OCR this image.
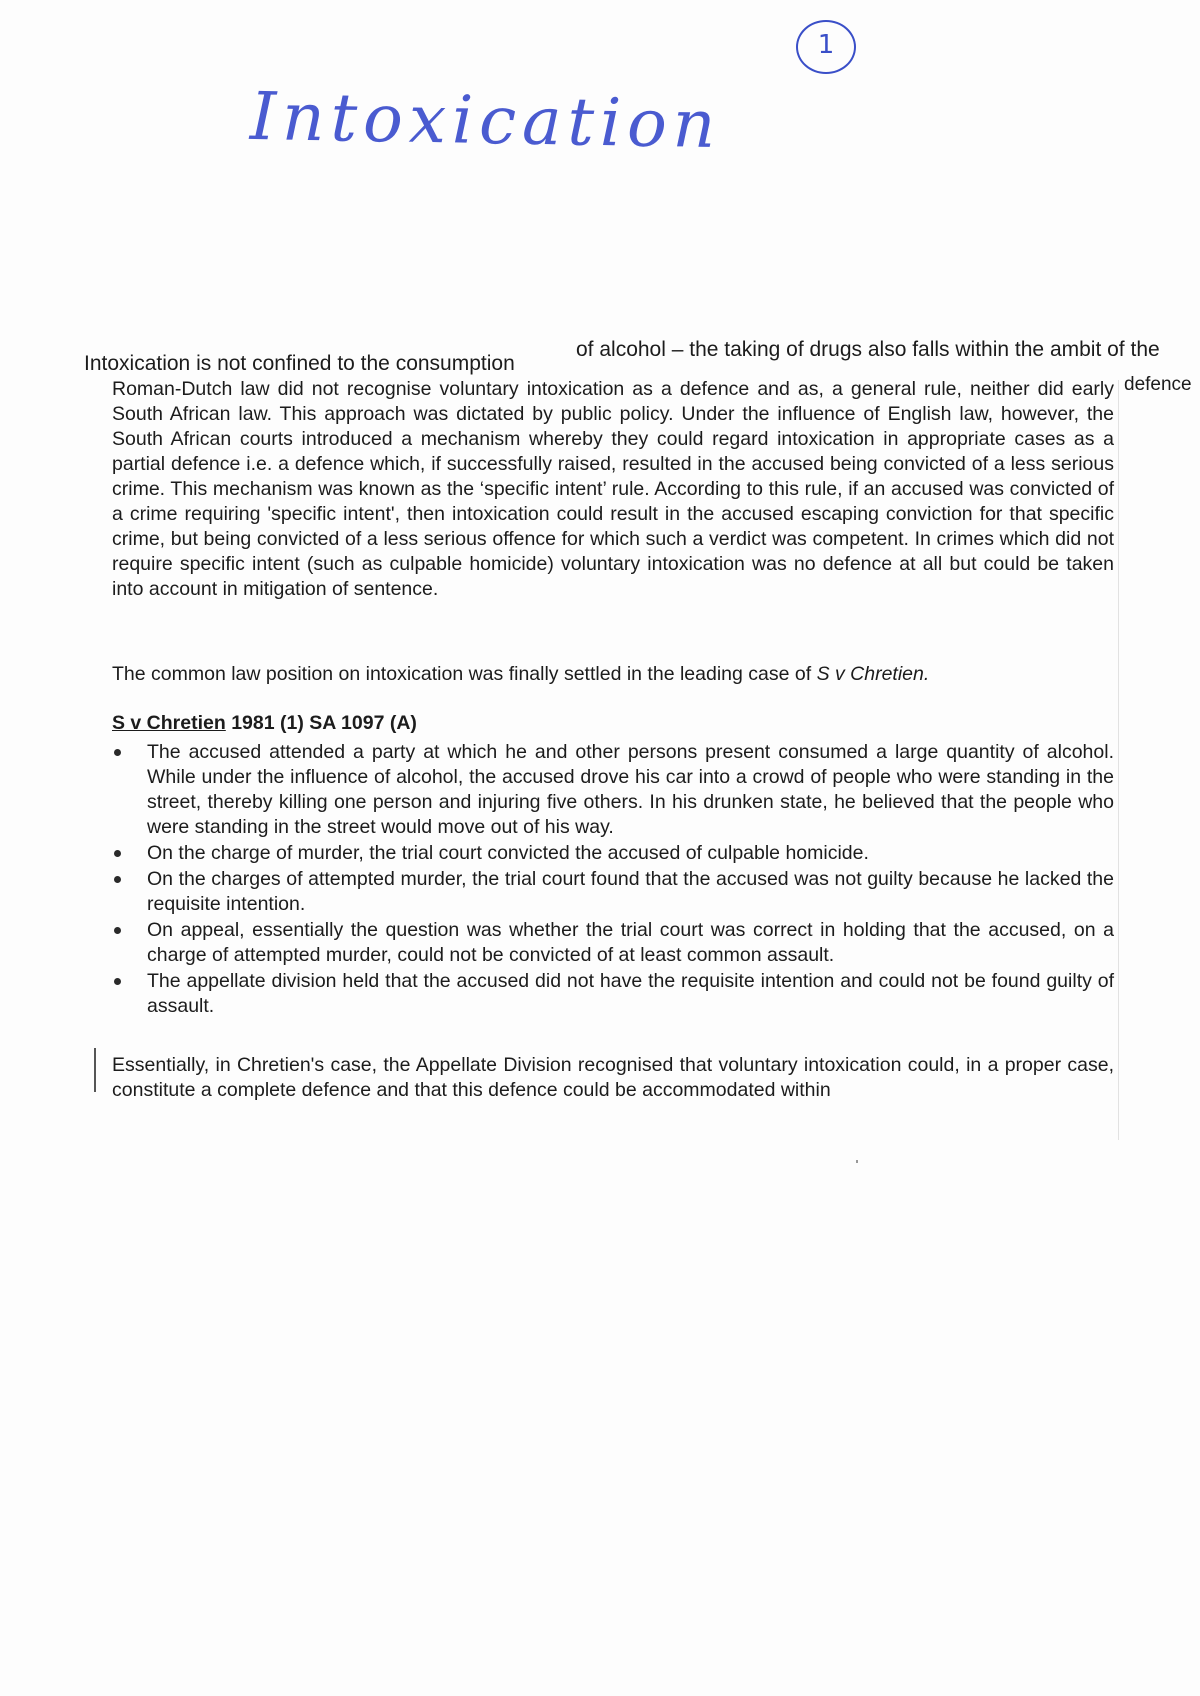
Intoxication
1
Intoxication is not confined to the consumption
of alcohol – the taking of drugs also falls within the ambit of the
defence
Roman-Dutch law did not recognise voluntary intoxication as a defence and as, a general rule, neither did early South African law. This approach was dictated by public policy. Under the influence of English law, however, the South African courts introduced a mechanism whereby they could regard intoxication in appropriate cases as a partial defence i.e. a defence which, if successfully raised, resulted in the accused being convicted of a less serious crime. This mechanism was known as the ‘specific intent’ rule. According to this rule, if an accused was convicted of a crime requiring 'specific intent', then intoxication could result in the accused escaping conviction for that specific crime, but being convicted of a less serious offence for which such a verdict was competent. In crimes which did not require specific intent (such as culpable homicide) voluntary intoxication was no defence at all but could be taken into account in mitigation of sentence.
The common law position on intoxication was finally settled in the leading case of S v Chretien.
S v Chretien 1981 (1) SA 1097 (A)
The accused attended a party at which he and other persons present consumed a large quantity of alcohol. While under the influence of alcohol, the accused drove his car into a crowd of people who were standing in the street, thereby killing one person and injuring five others. In his drunken state, he believed that the people who were standing in the street would move out of his way.
On the charge of murder, the trial court convicted the accused of culpable homicide.
On the charges of attempted murder, the trial court found that the accused was not guilty because he lacked the requisite intention.
On appeal, essentially the question was whether the trial court was correct in holding that the accused, on a charge of attempted murder, could not be convicted of at least common assault.
The appellate division held that the accused did not have the requisite intention and could not be found guilty of assault.
Essentially, in Chretien's case, the Appellate Division recognised that voluntary intoxication could, in a proper case, constitute a complete defence and that this defence could be accommodated within
